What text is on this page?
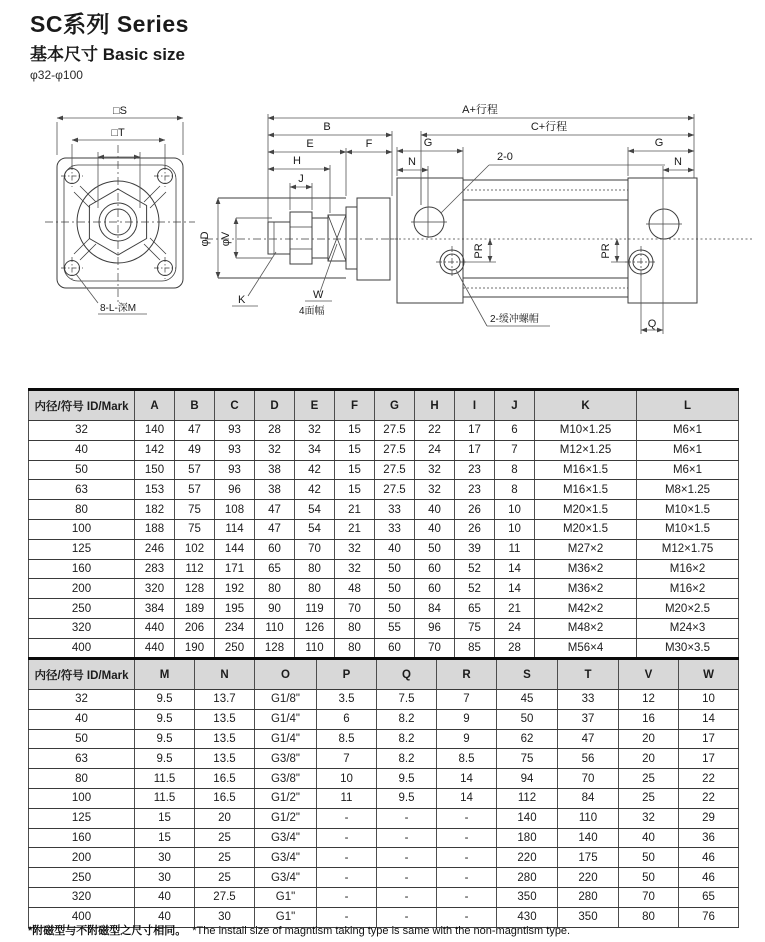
SC系列 Series
基本尺寸 Basic size
φ32-φ100
□S
□T
8-L-深M
φD φV
J
H
E	F
B
A+行程
K	W
4面幅
C+行程
G
N
G
N
2-0
PR	PR
2-缓冲螺帽	Q
内径/符号 ID/Mark	A	B	C	D	E	F	G	H	I	J	K	L
32	140	47	93	28	32	15	27.5	22	17	6	M10×1.25	M6×1
40	142	49	93	32	34	15	27.5	24	17	7	M12×1.25	M6×1
50	150	57	93	38	42	15	27.5	32	23	8	M16×1.5	M6×1
63	153	57	96	38	42	15	27.5	32	23	8	M16×1.5	M8×1.25
80	182	75	108	47	54	21	33	40	26	10	M20×1.5	M10×1.5
100	188	75	114	47	54	21	33	40	26	10	M20×1.5	M10×1.5
125	246	102	144	60	70	32	40	50	39	11	M27×2	M12×1.75
160	283	112	171	65	80	32	50	60	52	14	M36×2	M16×2
200	320	128	192	80	80	48	50	60	52	14	M36×2	M16×2
250	384	189	195	90	119	70	50	84	65	21	M42×2	M20×2.5
320	440	206	234	110	126	80	55	96	75	24	M48×2	M24×3
400	440	190	250	128	110	80	60	70	85	28	M56×4	M30×3.5
内径/符号 ID/Mark	M	N	O	P	Q	R	S	T	V	W
32	9.5	13.7	G1/8"	3.5	7.5	7	45	33	12	10
40	9.5	13.5	G1/4"	6	8.2	9	50	37	16	14
50	9.5	13.5	G1/4"	8.5	8.2	9	62	47	20	17
63	9.5	13.5	G3/8"	7	8.2	8.5	75	56	20	17
80	11.5	16.5	G3/8"	10	9.5	14	94	70	25	22
100	11.5	16.5	G1/2"	11	9.5	14	112	84	25	22
125	15	20	G1/2"	-	-	-	140	110	32	29
160	15	25	G3/4"	-	-	-	180	140	40	36
200	30	25	G3/4"	-	-	-	220	175	50	46
250	30	25	G3/4"	-	-	-	280	220	50	46
320	40	27.5	G1"	-	-	-	350	280	70	65
400	40	30	G1"	-	-	-	430	350	80	76
*附磁型与不附磁型之尺寸相同。 *The install size of magntism taking type is same with the non-magntism type.
